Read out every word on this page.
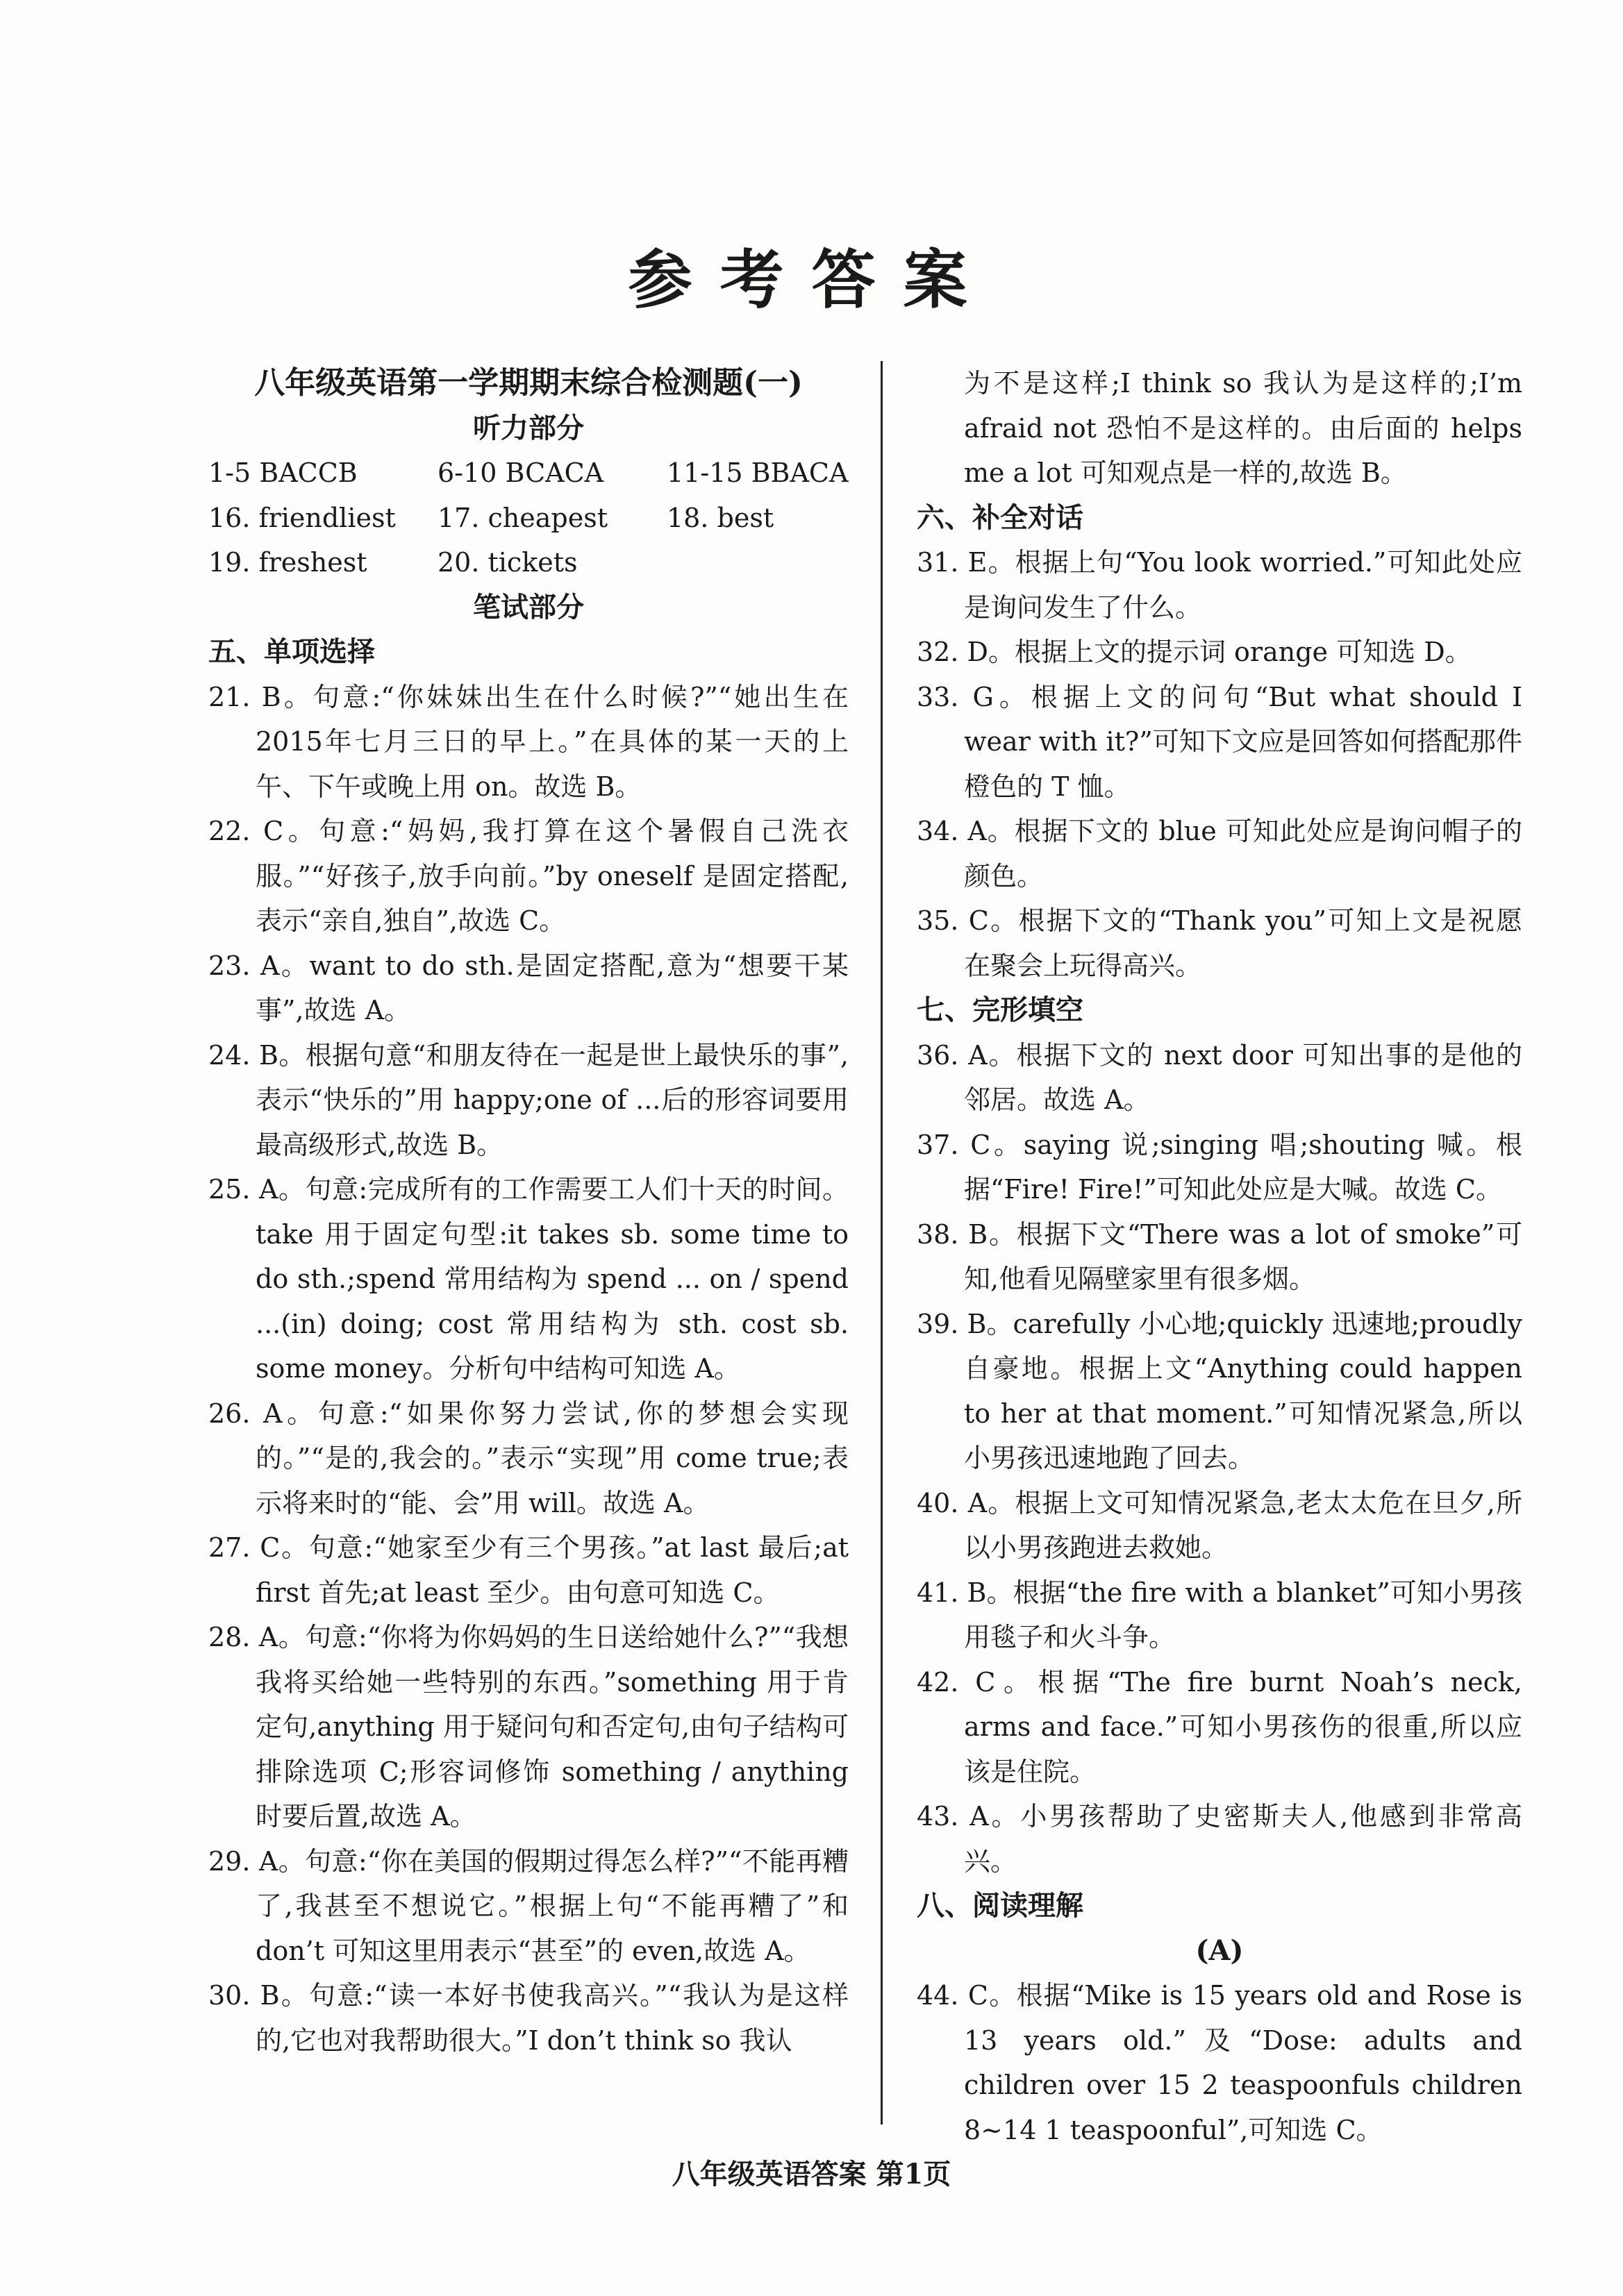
参考答案
八年级英语第一学期期末综合检测题(一)
听力部分
1-5 BACCB	6-10 BCACA	11-15 BBACA
16. friendliest	17. cheapest	18. best
19. freshest	20. tickets
笔试部分
五、单项选择
21. B。句意:“你妹妹出生在什么时候?”“她出生在2015年七月三日的早上。”在具体的某一天的上午、下午或晚上用 on。故选 B。
22. C。句意:“妈妈,我打算在这个暑假自己洗衣服。”“好孩子,放手向前。”by oneself 是固定搭配,表示“亲自,独自”,故选 C。
23. A。want to do sth.是固定搭配,意为“想要干某事”,故选 A。
24. B。根据句意“和朋友待在一起是世上最快乐的事”,表示“快乐的”用 happy;one of ...后的形容词要用最高级形式,故选 B。
25. A。句意:完成所有的工作需要工人们十天的时间。take 用于固定句型:it takes sb. some time to do sth.;spend 常用结构为 spend ... on / spend ...(in) doing; cost 常用结构为 sth. cost sb. some money。分析句中结构可知选 A。
26. A。句意:“如果你努力尝试,你的梦想会实现的。”“是的,我会的。”表示“实现”用 come true;表示将来时的“能、会”用 will。故选 A。
27. C。句意:“她家至少有三个男孩。”at last 最后;at first 首先;at least 至少。由句意可知选 C。
28. A。句意:“你将为你妈妈的生日送给她什么?”“我想我将买给她一些特别的东西。”something 用于肯定句,anything 用于疑问句和否定句,由句子结构可排除选项 C;形容词修饰 something / anything 时要后置,故选 A。
29. A。句意:“你在美国的假期过得怎么样?”“不能再糟了,我甚至不想说它。”根据上句“不能再糟了”和 don’t 可知这里用表示“甚至”的 even,故选 A。
30. B。句意:“读一本好书使我高兴。”“我认为是这样的,它也对我帮助很大。”I don’t think so 我认
为不是这样;I think so 我认为是这样的;I’m afraid not 恐怕不是这样的。由后面的 helps me a lot 可知观点是一样的,故选 B。
六、补全对话
31. E。根据上句“You look worried.”可知此处应是询问发生了什么。
32. D。根据上文的提示词 orange 可知选 D。
33. G。根据上文的问句“But what should I wear with it?”可知下文应是回答如何搭配那件橙色的 T 恤。
34. A。根据下文的 blue 可知此处应是询问帽子的颜色。
35. C。根据下文的“Thank you”可知上文是祝愿在聚会上玩得高兴。
七、完形填空
36. A。根据下文的 next door 可知出事的是他的邻居。故选 A。
37. C。saying 说;singing 唱;shouting 喊。根据“Fire! Fire!”可知此处应是大喊。故选 C。
38. B。根据下文“There was a lot of smoke”可知,他看见隔壁家里有很多烟。
39. B。carefully 小心地;quickly 迅速地;proudly 自豪地。根据上文“Anything could happen to her at that moment.”可知情况紧急,所以小男孩迅速地跑了回去。
40. A。根据上文可知情况紧急,老太太危在旦夕,所以小男孩跑进去救她。
41. B。根据“the fire with a blanket”可知小男孩用毯子和火斗争。
42. C。根据“The fire burnt Noah’s neck, arms and face.”可知小男孩伤的很重,所以应该是住院。
43. A。小男孩帮助了史密斯夫人,他感到非常高兴。
八、阅读理解
(A)
44. C。根据“Mike is 15 years old and Rose is 13 years old.”及“Dose: adults and children over 15 2 teaspoonfuls children 8~14 1 teaspoonful”,可知选 C。
八年级英语答案 第1页
